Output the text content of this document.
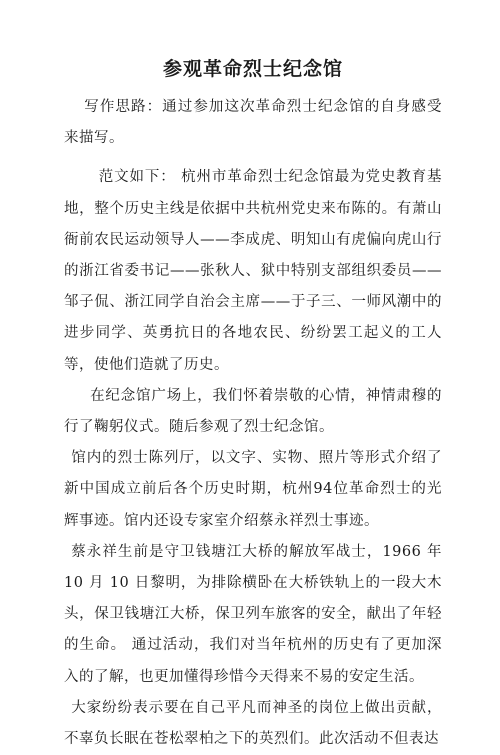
参观革命烈士纪念馆

写作思路：通过参加这次革命烈士纪念馆的自身感受来描写。

范文如下： 杭州市革命烈士纪念馆最为党史教育基地，整个历史主线是依据中共杭州党史来布陈的。有萧山衙前农民运动领导人——李成虎、明知山有虎偏向虎山行的浙江省委书记——张秋人、狱中特别支部组织委员——邹子侃、浙江同学自治会主席——于子三、一师风潮中的进步同学、英勇抗日的各地农民、纷纷罢工起义的工人等，使他们造就了历史。

在纪念馆广场上，我们怀着崇敬的心情，神情肃穆的行了鞠躬仪式。随后参观了烈士纪念馆。

馆内的烈士陈列厅，以文字、实物、照片等形式介绍了新中国成立前后各个历史时期，杭州94位革命烈士的光辉事迹。馆内还设专家室介绍蔡永祥烈士事迹。

蔡永祥生前是守卫钱塘江大桥的解放军战士，1966 年 10 月 10 日黎明，为排除横卧在大桥铁轨上的一段大木头，保卫钱塘江大桥，保卫列车旅客的安全，献出了年轻的生命。 通过活动，我们对当年杭州的历史有了更加深入的了解，也更加懂得珍惜今天得来不易的安定生活。

大家纷纷表示要在自己平凡而神圣的岗位上做出贡献，不辜负长眠在苍松翠柏之下的英烈们。此次活动不但表达
